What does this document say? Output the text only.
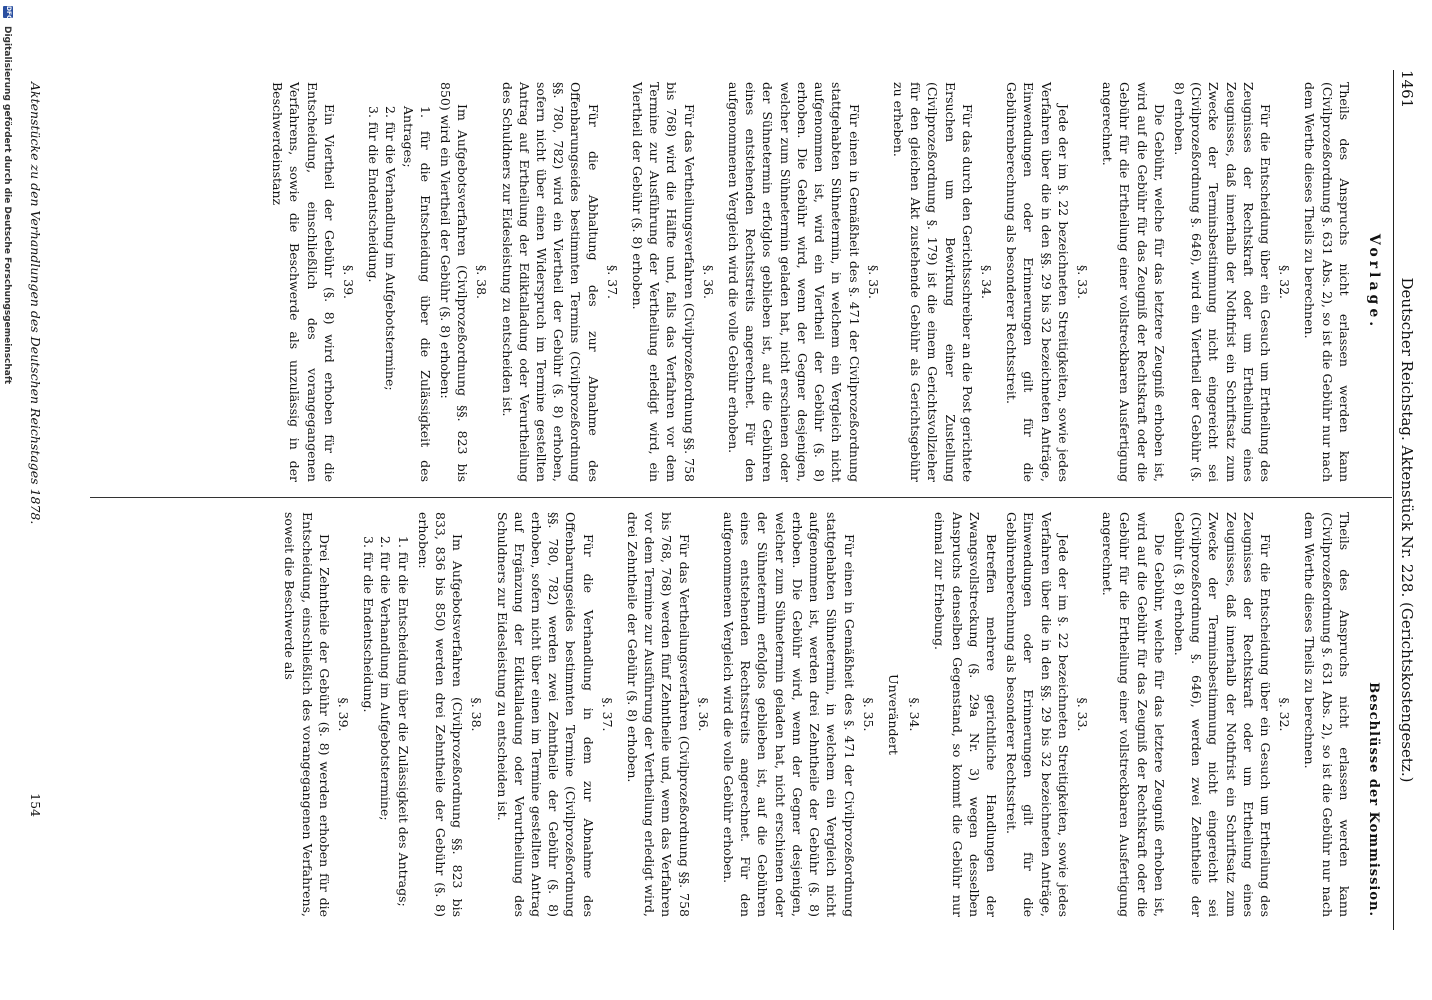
1461
Deutscher Reichstag. Aktenstück Nr. 228. (Gerichtskostengesetz.)
Vorlage.

Theils des Anspruchs nicht erlassen werden kann (Civilprozeßordnung §. 631 Abs. 2), so ist die Gebühr nur nach dem Werthe dieses Theils zu berechnen.

§. 32.

Für die Entscheidung über ein Gesuch um Ertheilung des Zeugnisses der Rechtskraft oder um Ertheilung eines Zeugnisses, daß innerhalb der Nothfrist ein Schriftsatz zum Zwecke der Terminsbestimmung nicht eingereicht sei (Civilprozeßordnung §. 646), wird ein Viertheil der Gebühr (§. 8) erhoben.

Die Gebühr, welche für das letztere Zeugniß erhoben ist, wird auf die Gebühr für das Zeugniß der Rechtskraft oder die Gebühr für die Ertheilung einer vollstreckbaren Ausfertigung angerechnet.

§. 33.

Jede der im §. 22 bezeichneten Streitigkeiten, sowie jedes Verfahren über die in den §§. 29 bis 32 bezeichneten Anträge, Einwendungen oder Erinnerungen gilt für die Gebührenberechnung als besonderer Rechtsstreit.

§. 34.

Für das durch den Gerichtsschreiber an die Post gerichtete Ersuchen um Bewirkung einer Zustellung (Civilprozeßordnung §. 179) ist die einem Gerichtsvollzieher für den gleichen Akt zustehende Gebühr als Gerichtsgebühr zu erheben.

§. 35.

Für einen in Gemäßheit des §. 471 der Civilprozeßordnung stattgehabten Sühnetermin, in welchem ein Vergleich nicht aufgenommen ist, wird ein Viertheil der Gebühr (§. 8) erhoben. Die Gebühr wird, wenn der Gegner desjenigen, welcher zum Sühnetermin geladen hat, nicht erschienen oder der Sühnetermin erfolglos geblieben ist, auf die Gebühren eines entstehenden Rechtsstreits angerechnet. Für den aufgenommenen Vergleich wird die volle Gebühr erhoben.

§. 36.

Für das Vertheilungsverfahren (Civilprozeßordnung §§. 758 bis 768) wird die Hälfte und, falls das Verfahren vor dem Termine zur Ausführung der Vertheilung erledigt wird, ein Viertheil der Gebühr (§. 8) erhoben.

§. 37.

Für die Abhaltung des zur Abnahme des Offenbarungseides bestimmten Termins (Civilprozeßordnung §§. 780, 782) wird ein Viertheil der Gebühr (§. 8) erhoben, sofern nicht über einen Widerspruch im Termine gestellten Antrag auf Ertheilung der Ediktalladung oder Verurtheilung des Schuldners zur Eidesleistung zu entscheiden ist.

§. 38.

Im Aufgebotsverfahren (Civilprozeßordnung §§. 823 bis 850) wird ein Viertheil der Gebühr (§. 8) erhoben:

1. für die Entscheidung über die Zulässigkeit des Antrages;
2. für die Verhandlung im Aufgebotstermine;
3. für die Endentscheidung.
§. 39.

Ein Viertheil der Gebühr (§. 8) wird erhoben für die Entscheidung, einschließlich des vorangegangenen Verfahrens, sowie die Beschwerde als unzulässig in der Beschwerdeinstanz

Beschlüsse der Kommission.

Theils des Anspruchs nicht erlassen werden kann (Civilprozeßordnung §. 631 Abs. 2), so ist die Gebühr nur nach dem Werthe dieses Theils zu berechnen.

§. 32.

Für die Entscheidung über ein Gesuch um Ertheilung des Zeugnisses der Rechtskraft oder um Ertheilung eines Zeugnisses, daß innerhalb der Nothfrist ein Schriftsatz zum Zwecke der Terminsbestimmung nicht eingereicht sei (Civilprozeßordnung §. 646), werden zwei Zehntheile der Gebühr (§. 8) erhoben.

Die Gebühr, welche für das letztere Zeugniß erhoben ist, wird auf die Gebühr für das Zeugniß der Rechtskraft oder die Gebühr für die Ertheilung einer vollstreckbaren Ausfertigung angerechnet.

§. 33.

Jede der im §. 22 bezeichneten Streitigkeiten, sowie jedes Verfahren über die in den §§. 29 bis 32 bezeichneten Anträge, Einwendungen oder Erinnerungen gilt für die Gebührenberechnung als besonderer Rechtsstreit.

Betreffen mehrere gerichtliche Handlungen der Zwangsvollstreckung (§. 29a Nr. 3) wegen desselben Anspruchs denselben Gegenstand, so kommt die Gebühr nur einmal zur Erhebung.

§. 34.
Unverändert
§. 35.

Für einen in Gemäßheit des §. 471 der Civilprozeßordnung stattgehabten Sühnetermin, in welchem ein Vergleich nicht aufgenommen ist, werden drei Zehntheile der Gebühr (§. 8) erhoben. Die Gebühr wird, wenn der Gegner desjenigen, welcher zum Sühnetermin geladen hat, nicht erschienen oder der Sühnetermin erfolglos geblieben ist, auf die Gebühren eines entstehenden Rechtsstreits angerechnet. Für den aufgenommenen Vergleich wird die volle Gebühr erhoben.

§. 36.

Für das Vertheilungsverfahren (Civilprozeßordnung §§. 758 bis 768, 768) werden fünf Zehntheile und, wenn das Verfahren vor dem Termine zur Ausführung der Vertheilung erledigt wird, drei Zehntheile der Gebühr (§. 8) erhoben.

§. 37.

Für die Verhandlung in dem zur Abnahme des Offenbarungseides bestimmten Termine (Civilprozeßordnung §§. 780, 782) werden zwei Zehntheile der Gebühr (§. 8) erhoben, sofern nicht über einen im Termine gestellten Antrag auf Ergänzung der Ediktalladung oder Verurtheilung des Schuldners zur Eidesleistung zu entscheiden ist.

§. 38.

Im Aufgebotsverfahren (Civilprozeßordnung §§. 823 bis 833, 836 bis 850) werden drei Zehntheile der Gebühr (§. 8) erhoben:

1. für die Entscheidung über die Zulässigkeit des Antrags;
2. für die Verhandlung im Aufgebotstermine;
3. für die Endentscheidung.
§. 39.

Drei Zehntheile der Gebühr (§. 8) werden erhoben für die Entscheidung, einschließlich des vorangegangenen Verfahrens, soweit die Beschwerde als

Aktenstücke zu den Verhandlungen des Deutschen Reichstages 1878.
154
DFG
Digitalisierung gefördert durch die Deutsche Forschungsgemeinschaft
